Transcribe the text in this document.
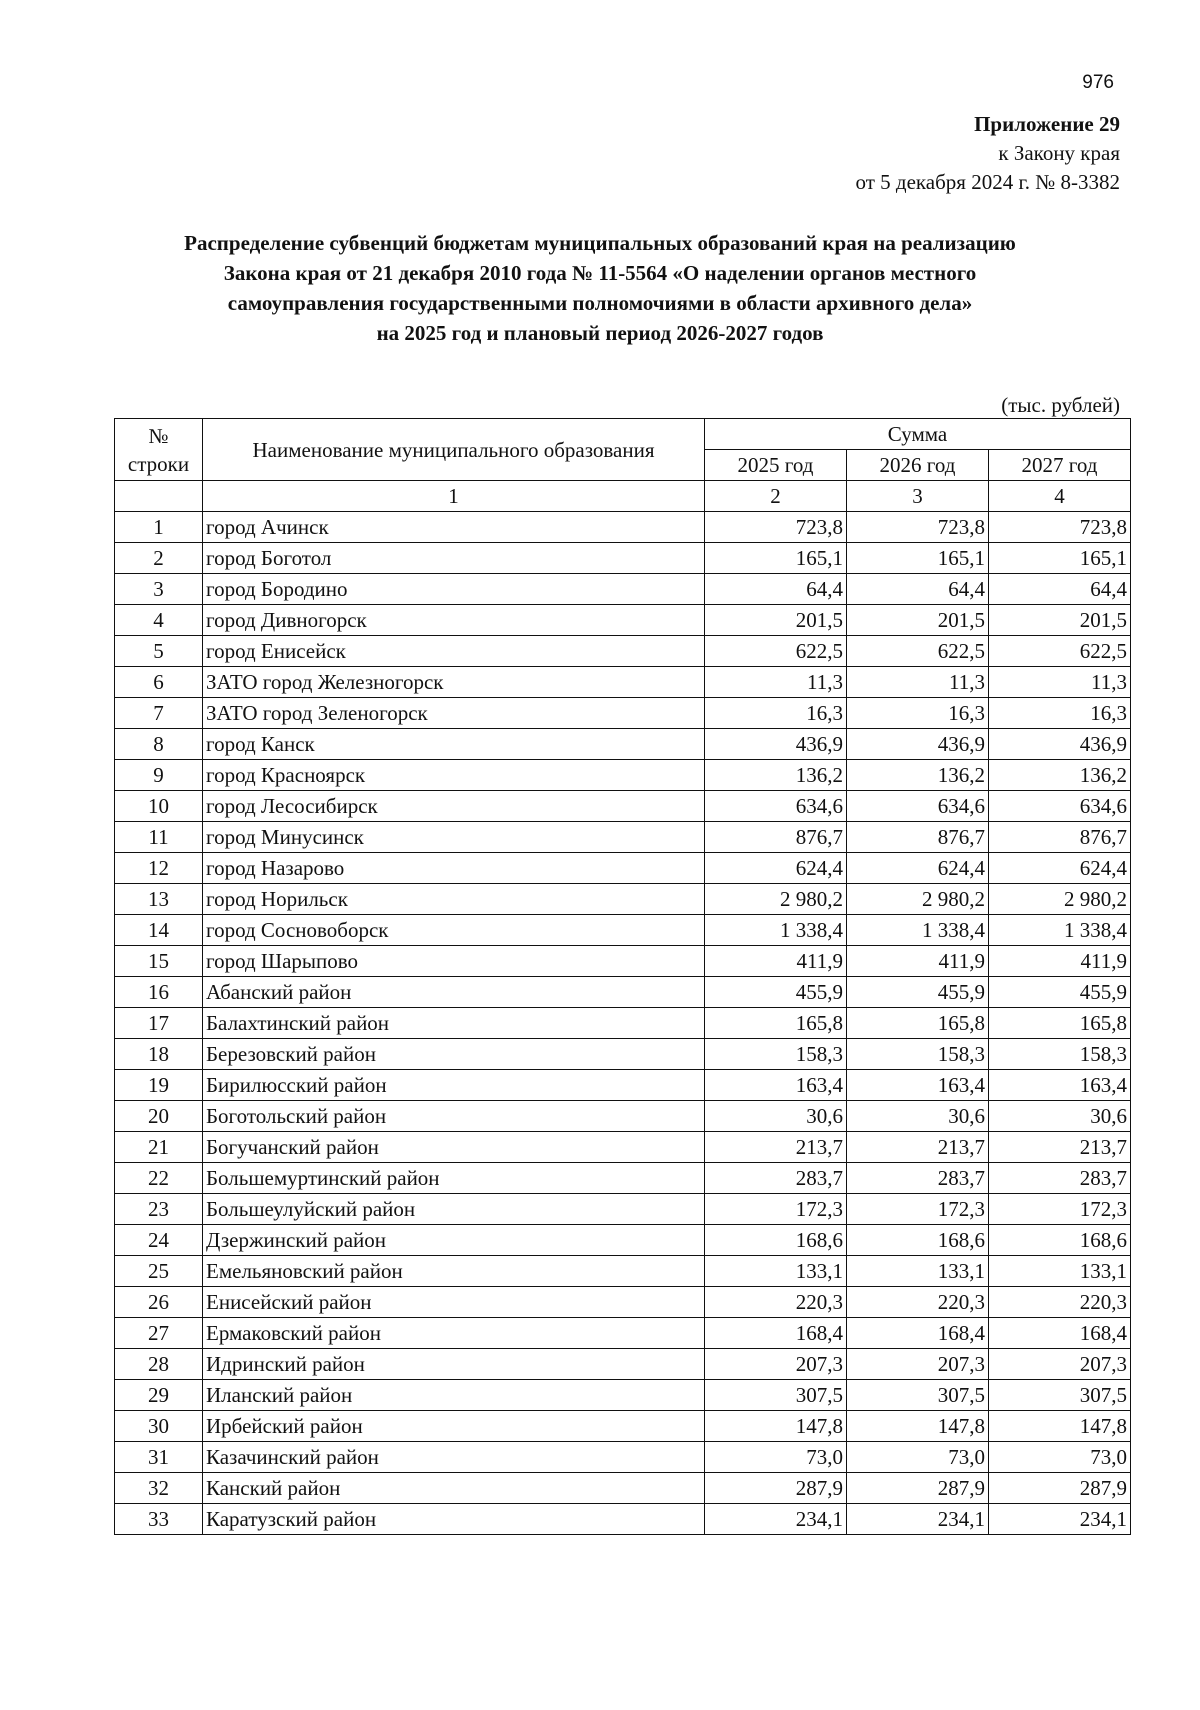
976
Приложение 29
к Закону края
от 5 декабря 2024 г. № 8-3382
Распределение субвенций бюджетам муниципальных образований края на реализацию
Закона края от 21 декабря 2010 года № 11-5564 «О наделении органов местного
самоуправления государственными полномочиями в области архивного дела»
на 2025 год и плановый период 2026-2027 годов
(тыс. рублей)
№
строки	Наименование муниципального образования	Сумма		
		2025 год	2026 год	2027 год
	1	2	3	4
1	город Ачинск	723,8	723,8	723,8
2	город Боготол	165,1	165,1	165,1
3	город Бородино	64,4	64,4	64,4
4	город Дивногорск	201,5	201,5	201,5
5	город Енисейск	622,5	622,5	622,5
6	ЗАТО город Железногорск	11,3	11,3	11,3
7	ЗАТО город Зеленогорск	16,3	16,3	16,3
8	город Канск	436,9	436,9	436,9
9	город Красноярск	136,2	136,2	136,2
10	город Лесосибирск	634,6	634,6	634,6
11	город Минусинск	876,7	876,7	876,7
12	город Назарово	624,4	624,4	624,4
13	город Норильск	2 980,2	2 980,2	2 980,2
14	город Сосновоборск	1 338,4	1 338,4	1 338,4
15	город Шарыпово	411,9	411,9	411,9
16	Абанский район	455,9	455,9	455,9
17	Балахтинский район	165,8	165,8	165,8
18	Березовский район	158,3	158,3	158,3
19	Бирилюсский район	163,4	163,4	163,4
20	Боготольский район	30,6	30,6	30,6
21	Богучанский район	213,7	213,7	213,7
22	Большемуртинский район	283,7	283,7	283,7
23	Большеулуйский район	172,3	172,3	172,3
24	Дзержинский район	168,6	168,6	168,6
25	Емельяновский район	133,1	133,1	133,1
26	Енисейский район	220,3	220,3	220,3
27	Ермаковский район	168,4	168,4	168,4
28	Идринский район	207,3	207,3	207,3
29	Иланский район	307,5	307,5	307,5
30	Ирбейский район	147,8	147,8	147,8
31	Казачинский район	73,0	73,0	73,0
32	Канский район	287,9	287,9	287,9
33	Каратузский район	234,1	234,1	234,1
